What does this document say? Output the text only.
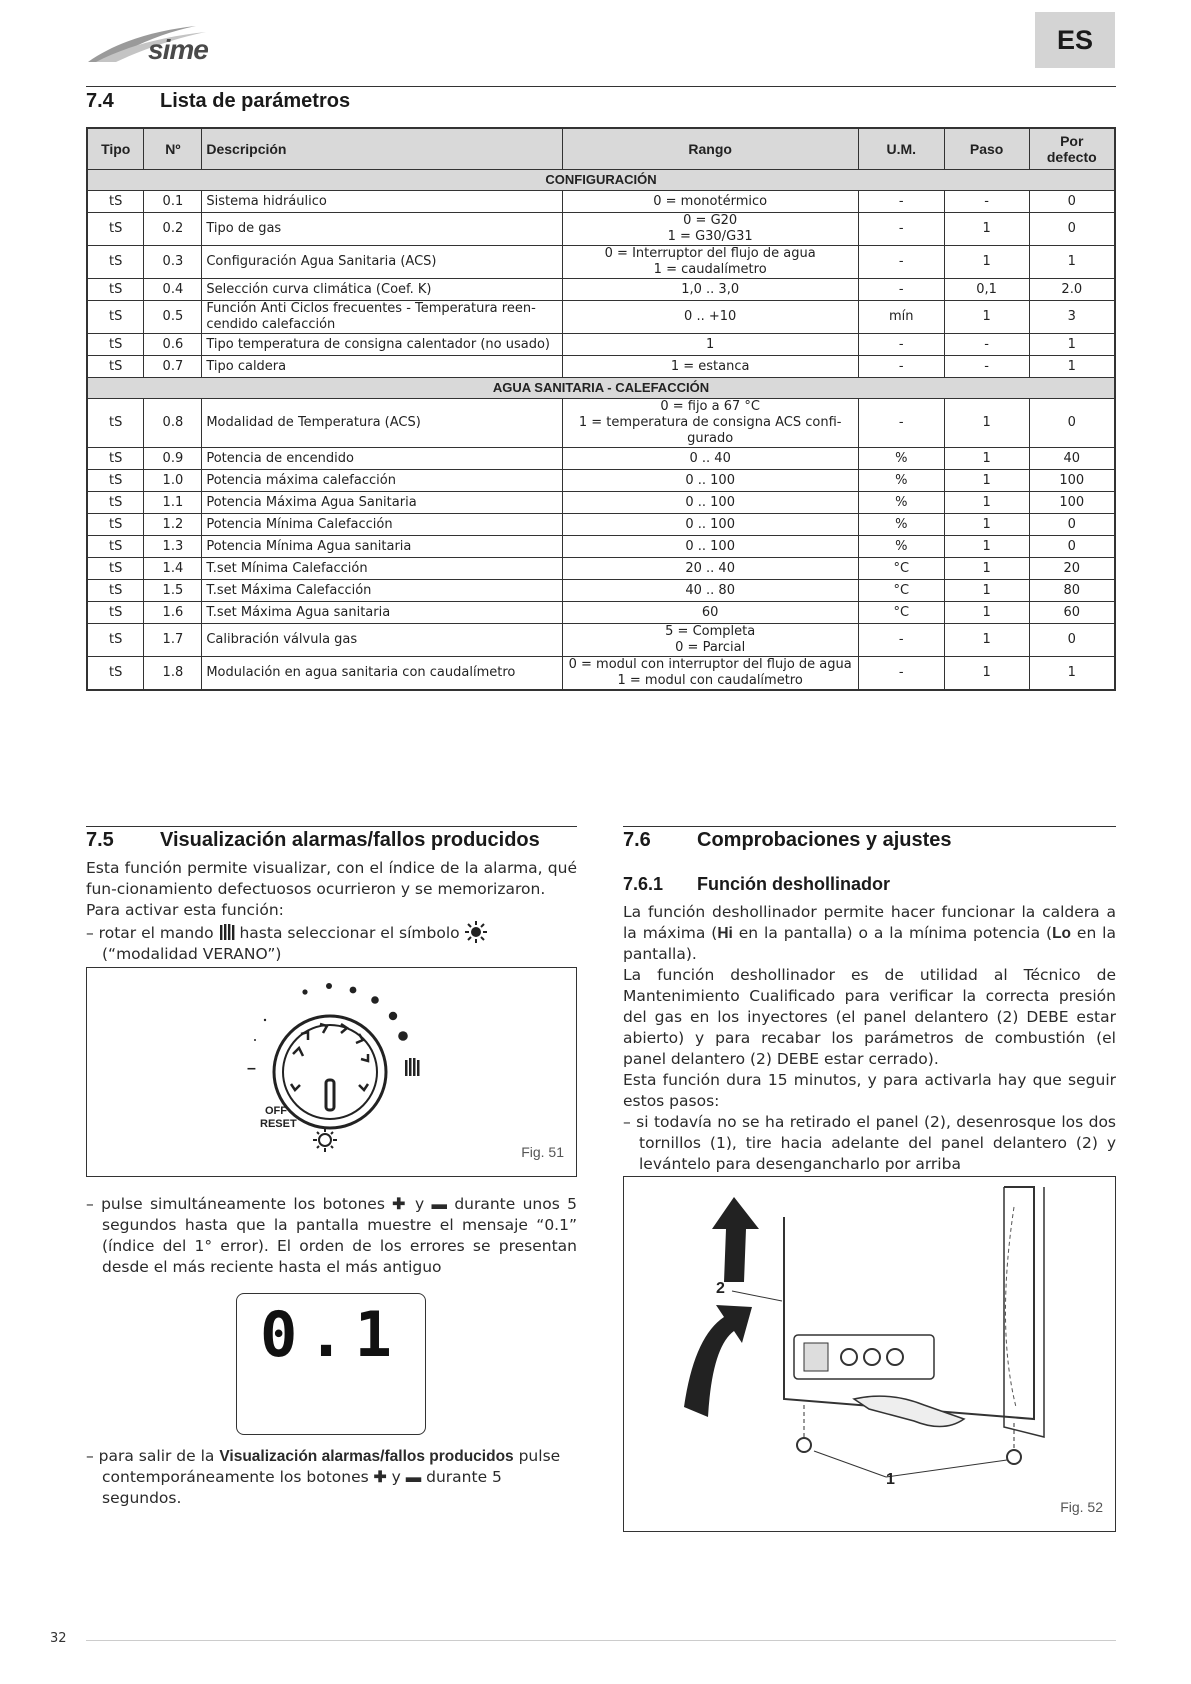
sime	ES
7.4 Lista de parámetros
Tipo	Nº	Descripción	Rango	U.M.	Paso	Por
defecto
CONFIGURACIÓN						
tS	0.1	Sistema hidráulico	0 = monotérmico	-	-	0
tS	0.2	Tipo de gas	0 = G20
1 = G30/G31	-	1	0
tS	0.3	Configuración Agua Sanitaria (ACS)	0 = Interruptor del flujo de agua
1 = caudalímetro	-	1	1
tS	0.4	Selección curva climática (Coef. K)	1,0 .. 3,0	-	0,1	2.0
tS	0.5	Función Anti Ciclos frecuentes - Temperatura reen-
cendido calefacción	0 .. +10	mín	1	3
tS	0.6	Tipo temperatura de consigna calentador (no usado)	1	-	-	1
tS	0.7	Tipo caldera	1 = estanca	-	-	1
AGUA SANITARIA - CALEFACCIÓN						
tS	0.8	Modalidad de Temperatura (ACS)	0 = fijo a 67 °C
1 = temperatura de consigna ACS confi-
gurado	-	1	0
tS	0.9	Potencia de encendido	0 .. 40	%	1	40
tS	1.0	Potencia máxima calefacción	0 .. 100	%	1	100
tS	1.1	Potencia Máxima Agua Sanitaria	0 .. 100	%	1	100
tS	1.2	Potencia Mínima Calefacción	0 .. 100	%	1	0
tS	1.3	Potencia Mínima Agua sanitaria	0 .. 100	%	1	0
tS	1.4	T.set Mínima Calefacción	20 .. 40	°C	1	20
tS	1.5	T.set Máxima Calefacción	40 .. 80	°C	1	80
tS	1.6	T.set Máxima Agua sanitaria	60	°C	1	60
tS	1.7	Calibración válvula gas	5 = Completa
0 = Parcial	-	1	0
tS	1.8	Modulación en agua sanitaria con caudalímetro	0 = modul con interruptor del flujo de agua
1 = modul con caudalímetro	-	1	1
7.5 Visualización alarmas/fallos producidos

Esta función permite visualizar, con el índice de la alarma, qué fun-cionamiento defectuosos ocurrieron y se memorizaron.

Para activar esta función:

– rotar el mando hasta seleccionar el símbolo  (“modalidad VERANO”)

–
OFF
RESET
Fig. 51

– pulse simultáneamente los botones ✚ y ▬ durante unos 5 segundos hasta que la pantalla muestre el mensaje “0.1” (índice del 1° error). El orden de los errores se presentan desde el más reciente hasta el más antiguo

0.1

– para salir de la Visualización alarmas/fallos producidos pulse contemporáneamente los botones ✚ y ▬ durante 5 segundos.

7.6 Comprobaciones y ajustes
7.6.1 Función deshollinador

La función deshollinador permite hacer funcionar la caldera a la máxima (Hi en la pantalla) o a la mínima potencia (Lo en la pantalla).

La función deshollinador es de utilidad al Técnico de Mantenimiento Cualificado para verificar la correcta presión del gas en los inyectores (el panel delantero (2) DEBE estar abierto) y para recabar los parámetros de combustión (el panel delantero (2) DEBE estar cerrado).

Esta función dura 15 minutos, y para activarla hay que seguir estos pasos:

– si todavía no se ha retirado el panel (2), desenrosque los dos tornillos (1), tire hacia adelante del panel delantero (2) y levántelo para desengancharlo por arriba

2
1
Fig. 52
32
